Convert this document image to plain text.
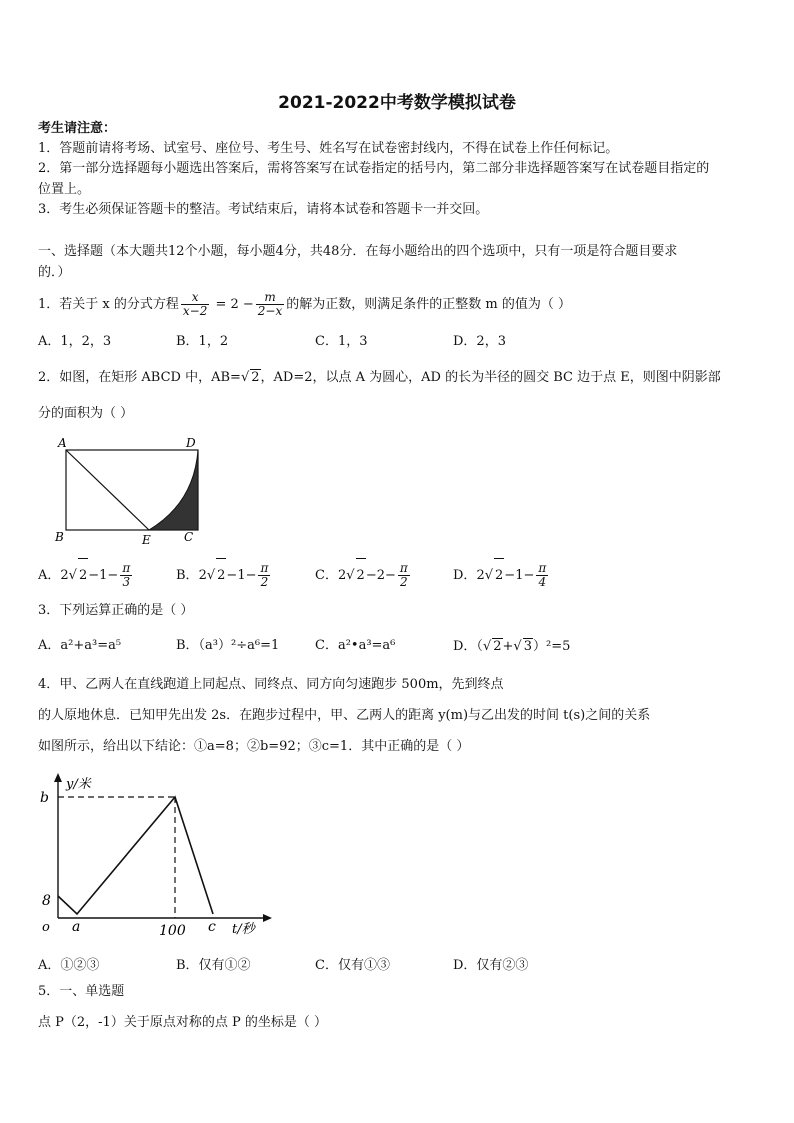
2021-2022中考数学模拟试卷
考生请注意：
1．答题前请将考场、试室号、座位号、考生号、姓名写在试卷密封线内，不得在试卷上作任何标记。
2．第一部分选择题每小题选出答案后，需将答案写在试卷指定的括号内，第二部分非选择题答案写在试卷题目指定的
位置上。
3．考生必须保证答题卡的整洁。考试结束后，请将本试卷和答题卡一并交回。
一、选择题（本大题共12个小题，每小题4分，共48分．在每小题给出的四个选项中，只有一项是符合题目要求
的．）
1．若关于 x 的分式方程 $\frac{x}{x-2} = 2 - \frac{m}{2-x}$ 的解为正数，则满足条件的正整数 m 的值为（ ）
A．1，2，3	B．1，2	C．1，3	D．2，3
2．如图，在矩形 ABCD 中，AB=√ 2，AD=2，以点 A 为圆心，AD 的长为半径的圆交 BC 边于点 E，则图中阴影部
分的面积为（ ）
A	D
B	E	C
A．2√ $2-1- \frac{\pi}{3}$	B．2√ $2-1- \frac{\pi}{2}$	C．2√ $2-2- \frac{\pi}{2}$	D．2√ $2-1- \frac{\pi}{4}$
3．下列运算正确的是（ ）
A．a²+a³=a⁵	B．（a³）²÷a⁶=1	C．a²•a³=a⁶	D．（√ 2+√ 3）²=5
4．甲、乙两人在直线跑道上同起点、同终点、同方向匀速跑步 500m，先到终点
的人原地休息．已知甲先出发 2s．在跑步过程中，甲、乙两人的距离 y(m)与乙出发的时间 t(s)之间的关系
如图所示，给出以下结论：①a=8；②b=92；③c=1．其中正确的是（ ）
y/米
b
8
o a	100 c t/秒
A．①②③	B．仅有①②	C．仅有①③	D．仅有②③
5．一、单选题
点 P（2，-1）关于原点对称的点 P 的坐标是（ ）
